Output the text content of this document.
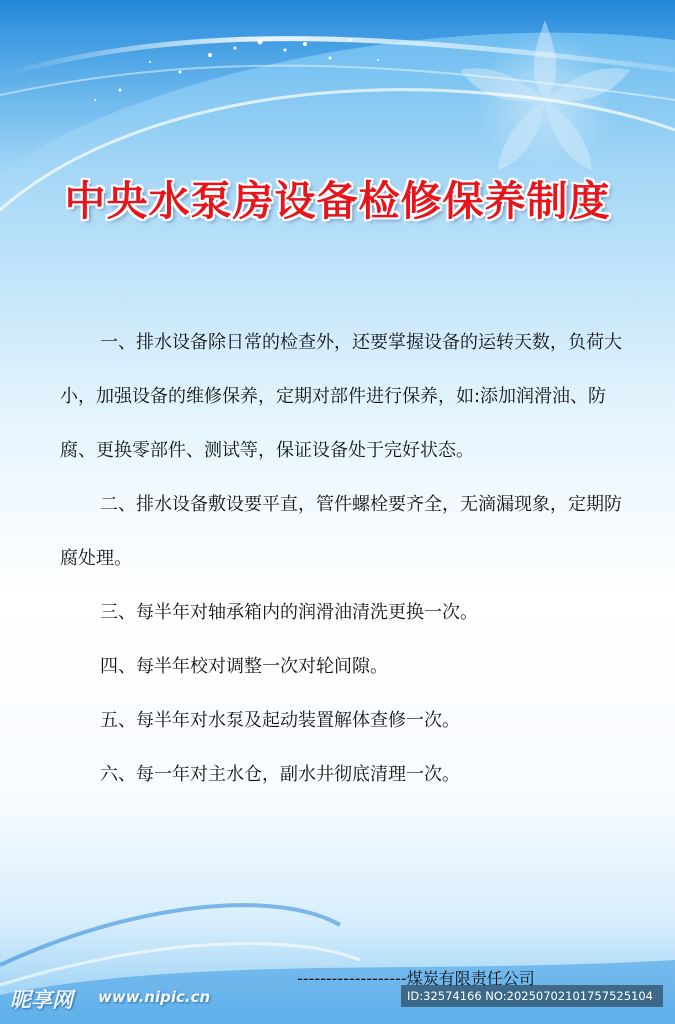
中央水泵房设备检修保养制度

一、排水设备除日常的检查外，还要掌握设备的运转天数，负荷大小，加强设备的维修保养，定期对部件进行保养，如:添加润滑油、防腐、更换零部件、测试等，保证设备处于完好状态。

二、排水设备敷设要平直，管件螺栓要齐全，无滴漏现象，定期防腐处理。

三、每半年对轴承箱内的润滑油清洗更换一次。

四、每半年校对调整一次对轮间隙。

五、每半年对水泵及起动装置解体查修一次。

六、每一年对主水仓，副水井彻底清理一次。

-------------------煤炭有限责任公司
昵享网 www.nipic.cn	ID:32574166 NO:20250702101757525104
